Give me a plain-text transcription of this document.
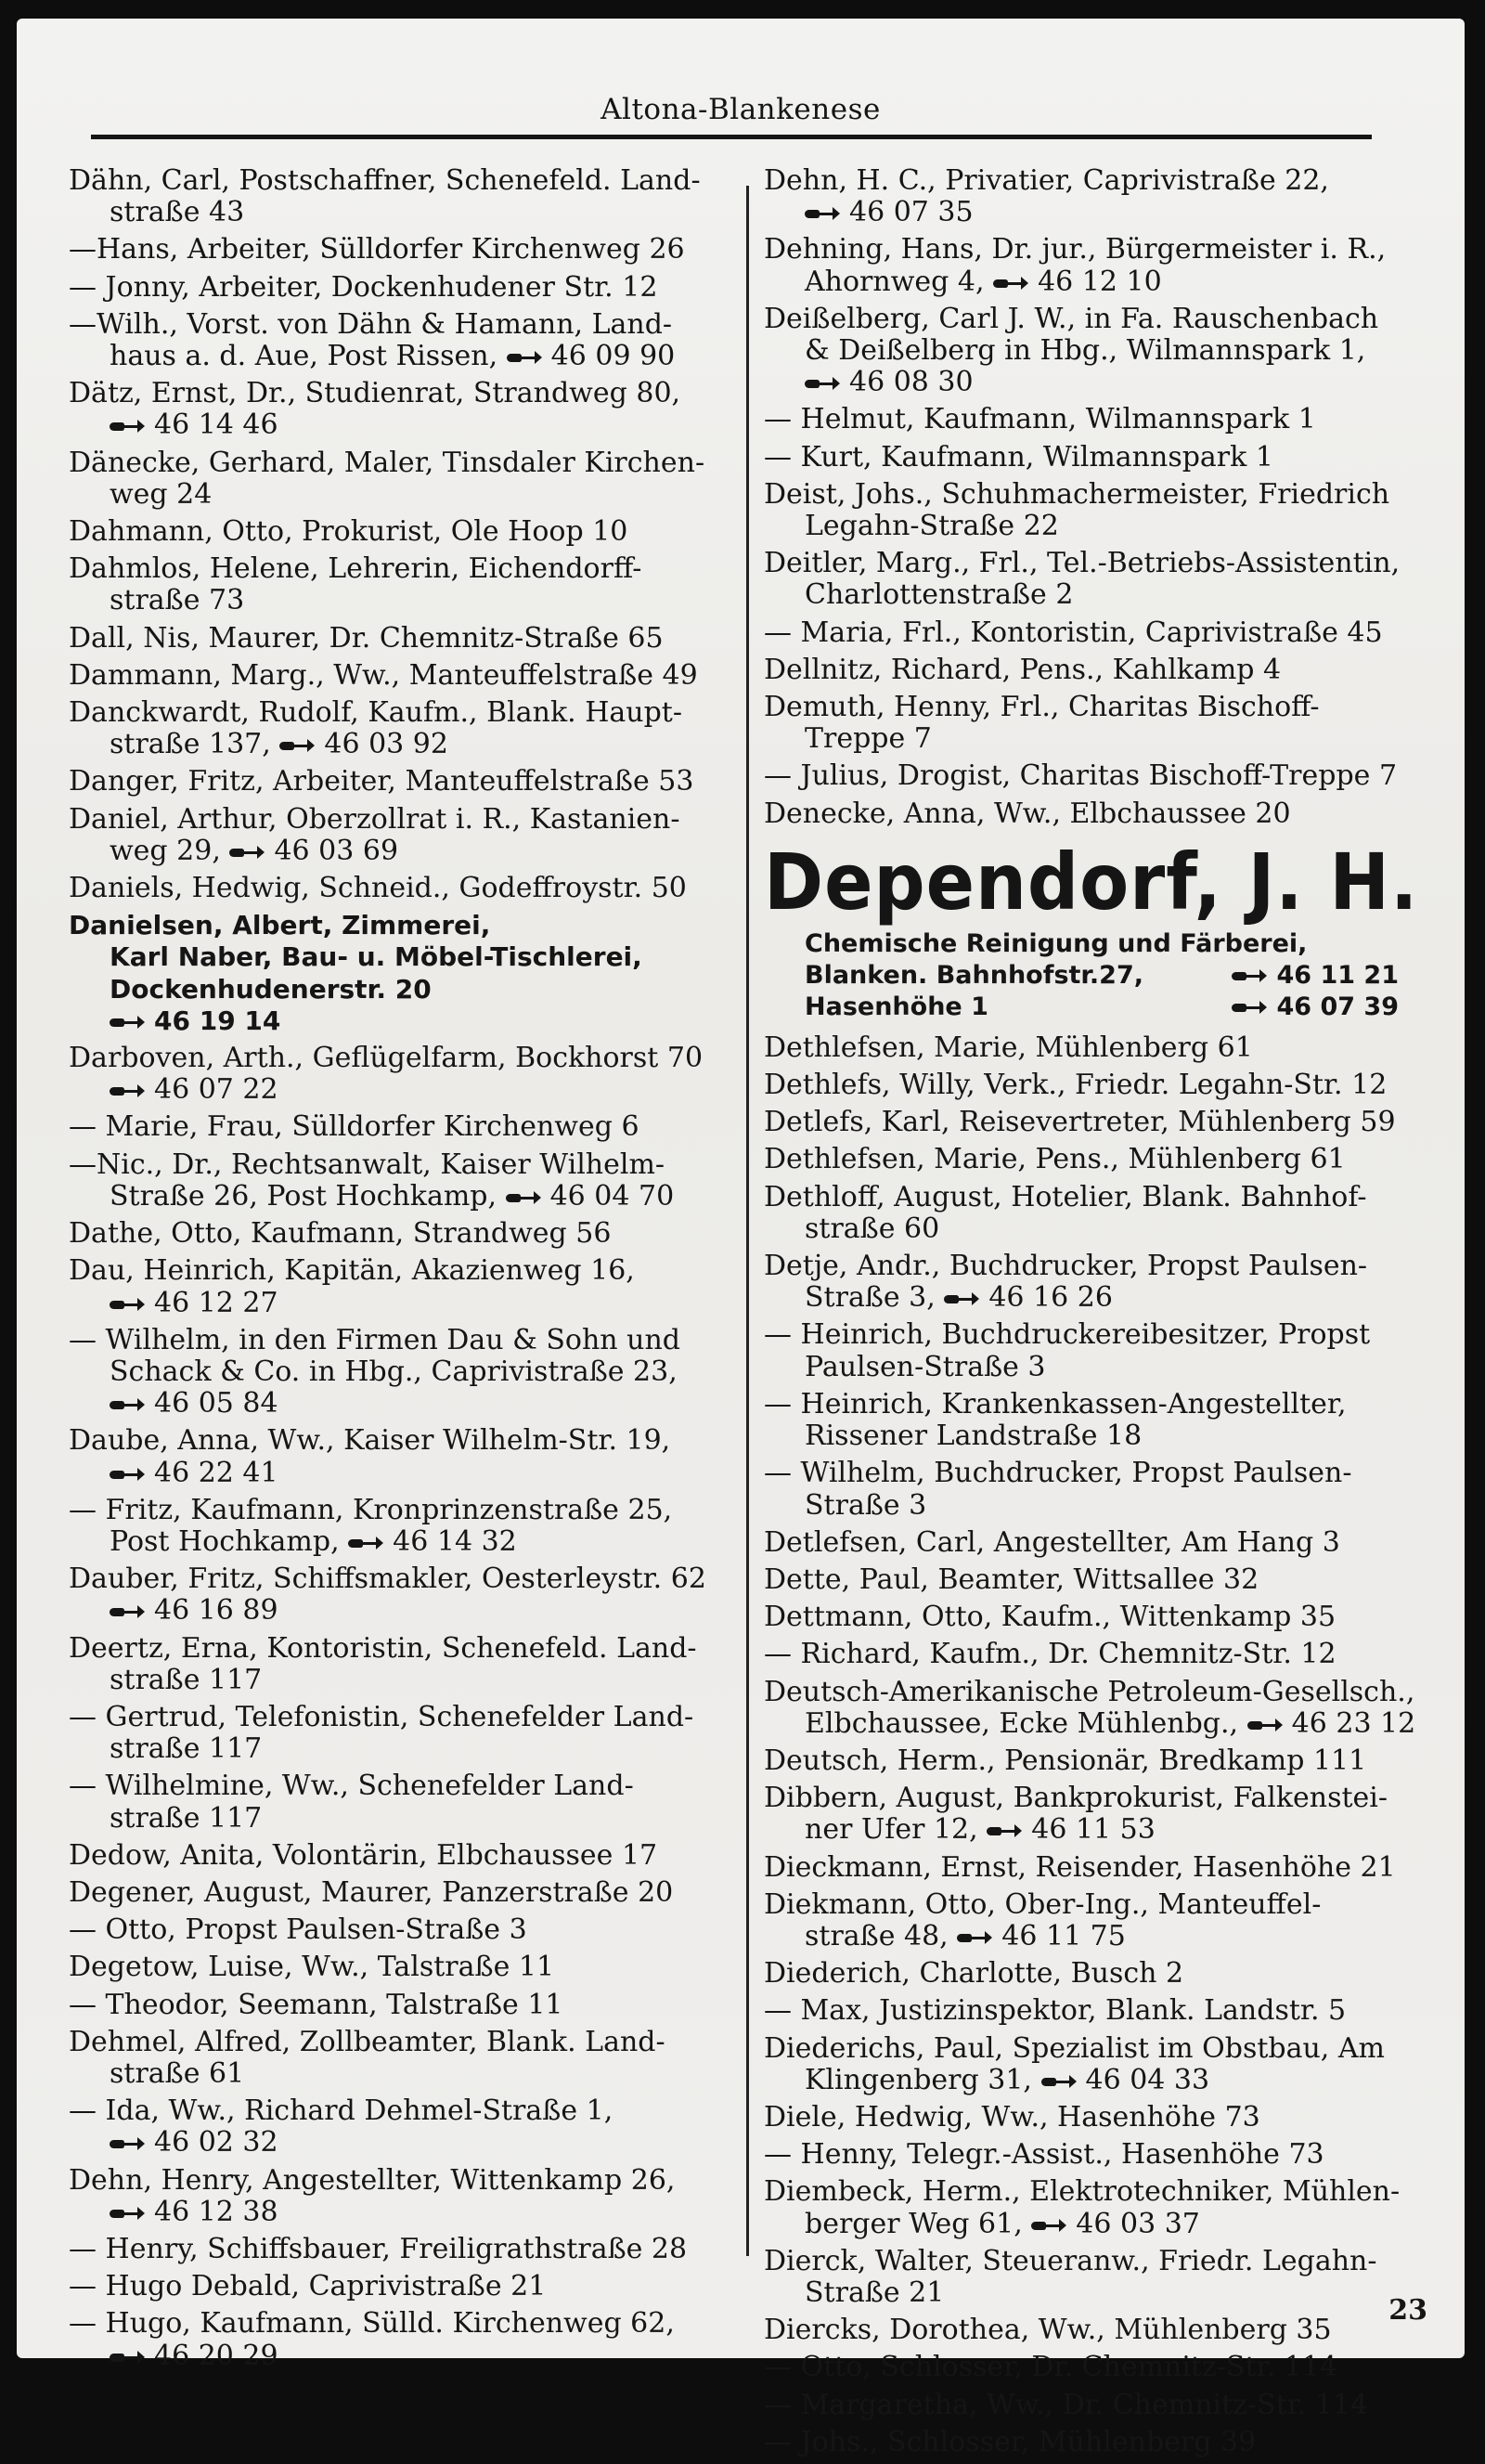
Altona-Blankenese
Dähn, Carl, Postschaffner, Schenefeld. Land-
straße 43
—Hans, Arbeiter, Sülldorfer Kirchenweg 26
— Jonny, Arbeiter, Dockenhudener Str. 12
—Wilh., Vorst. von Dähn & Hamann, Land-
haus a. d. Aue, Post Rissen, 46 09 90
Dätz, Ernst, Dr., Studienrat, Strandweg 80,
46 14 46
Dänecke, Gerhard, Maler, Tinsdaler Kirchen-
weg 24
Dahmann, Otto, Prokurist, Ole Hoop 10
Dahmlos, Helene, Lehrerin, Eichendorff-
straße 73
Dall, Nis, Maurer, Dr. Chemnitz-Straße 65
Dammann, Marg., Ww., Manteuffelstraße 49
Danckwardt, Rudolf, Kaufm., Blank. Haupt-
straße 137, 46 03 92
Danger, Fritz, Arbeiter, Manteuffelstraße 53
Daniel, Arthur, Oberzollrat i. R., Kastanien-
weg 29, 46 03 69
Daniels, Hedwig, Schneid., Godeffroystr. 50
Danielsen, Albert, Zimmerei,
Karl Naber, Bau- u. Möbel-Tischlerei,
Dockenhudenerstr. 20
46 19 14
Darboven, Arth., Geflügelfarm, Bockhorst 70
46 07 22
— Marie, Frau, Sülldorfer Kirchenweg 6
—Nic., Dr., Rechtsanwalt, Kaiser Wilhelm-
Straße 26, Post Hochkamp, 46 04 70
Dathe, Otto, Kaufmann, Strandweg 56
Dau, Heinrich, Kapitän, Akazienweg 16,
46 12 27
— Wilhelm, in den Firmen Dau & Sohn und
Schack & Co. in Hbg., Caprivistraße 23,
46 05 84
Daube, Anna, Ww., Kaiser Wilhelm-Str. 19,
46 22 41
— Fritz, Kaufmann, Kronprinzenstraße 25,
Post Hochkamp, 46 14 32
Dauber, Fritz, Schiffsmakler, Oesterleystr. 62
46 16 89
Deertz, Erna, Kontoristin, Schenefeld. Land-
straße 117
— Gertrud, Telefonistin, Schenefelder Land-
straße 117
— Wilhelmine, Ww., Schenefelder Land-
straße 117
Dedow, Anita, Volontärin, Elbchaussee 17
Degener, August, Maurer, Panzerstraße 20
— Otto, Propst Paulsen-Straße 3
Degetow, Luise, Ww., Talstraße 11
— Theodor, Seemann, Talstraße 11
Dehmel, Alfred, Zollbeamter, Blank. Land-
straße 61
— Ida, Ww., Richard Dehmel-Straße 1,
46 02 32
Dehn, Henry, Angestellter, Wittenkamp 26,
46 12 38
— Henry, Schiffsbauer, Freiligrathstraße 28
— Hugo Debald, Caprivistraße 21
— Hugo, Kaufmann, Sülld. Kirchenweg 62,
46 20 29
Dehn, H. C., Privatier, Caprivistraße 22,
46 07 35
Dehning, Hans, Dr. jur., Bürgermeister i. R.,
Ahornweg 4, 46 12 10
Deißelberg, Carl J. W., in Fa. Rauschenbach
& Deißelberg in Hbg., Wilmannspark 1,
46 08 30
— Helmut, Kaufmann, Wilmannspark 1
— Kurt, Kaufmann, Wilmannspark 1
Deist, Johs., Schuhmachermeister, Friedrich
Legahn-Straße 22
Deitler, Marg., Frl., Tel.-Betriebs-Assistentin,
Charlottenstraße 2
— Maria, Frl., Kontoristin, Caprivistraße 45
Dellnitz, Richard, Pens., Kahlkamp 4
Demuth, Henny, Frl., Charitas Bischoff-
Treppe 7
— Julius, Drogist, Charitas Bischoff-Treppe 7
Denecke, Anna, Ww., Elbchaussee 20
Dependorf, J. H.
Chemische Reinigung und Färberei,
Blanken. Bahnhofstr.27,	46 11 21
Hasenhöhe 1	46 07 39
Dethlefsen, Marie, Mühlenberg 61
Dethlefs, Willy, Verk., Friedr. Legahn-Str. 12
Detlefs, Karl, Reisevertreter, Mühlenberg 59
Dethlefsen, Marie, Pens., Mühlenberg 61
Dethloff, August, Hotelier, Blank. Bahnhof-
straße 60
Detje, Andr., Buchdrucker, Propst Paulsen-
Straße 3, 46 16 26
— Heinrich, Buchdruckereibesitzer, Propst
Paulsen-Straße 3
— Heinrich, Krankenkassen-Angestellter,
Rissener Landstraße 18
— Wilhelm, Buchdrucker, Propst Paulsen-
Straße 3
Detlefsen, Carl, Angestellter, Am Hang 3
Dette, Paul, Beamter, Wittsallee 32
Dettmann, Otto, Kaufm., Wittenkamp 35
— Richard, Kaufm., Dr. Chemnitz-Str. 12
Deutsch-Amerikanische Petroleum-Gesellsch.,
Elbchaussee, Ecke Mühlenbg., 46 23 12
Deutsch, Herm., Pensionär, Bredkamp 111
Dibbern, August, Bankprokurist, Falkenstei-
ner Ufer 12, 46 11 53
Dieckmann, Ernst, Reisender, Hasenhöhe 21
Diekmann, Otto, Ober-Ing., Manteuffel-
straße 48, 46 11 75
Diederich, Charlotte, Busch 2
— Max, Justizinspektor, Blank. Landstr. 5
Diederichs, Paul, Spezialist im Obstbau, Am
Klingenberg 31, 46 04 33
Diele, Hedwig, Ww., Hasenhöhe 73
— Henny, Telegr.-Assist., Hasenhöhe 73
Diembeck, Herm., Elektrotechniker, Mühlen-
berger Weg 61, 46 03 37
Dierck, Walter, Steueranw., Friedr. Legahn-
Straße 21
Diercks, Dorothea, Ww., Mühlenberg 35
— Otto, Schlosser, Dr. Chemnitz-Str. 114
— Margaretha, Ww., Dr. Chemnitz-Str. 114
— Johs., Schlosser, Mühlenberg 39
23
